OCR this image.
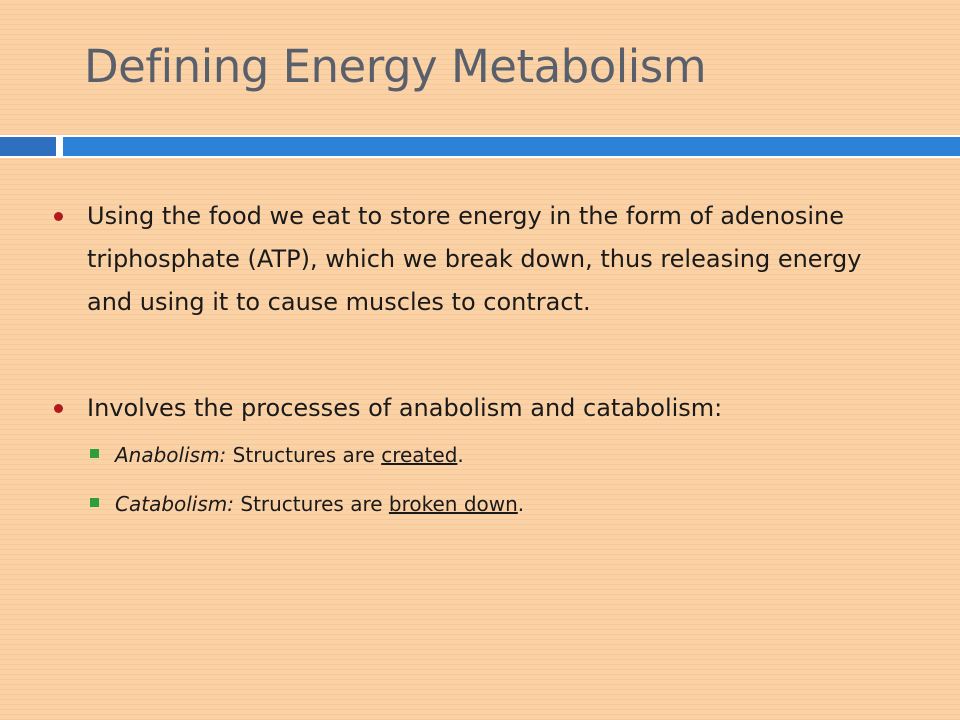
Defining Energy Metabolism
Using the food we eat to store energy in the form of adenosine triphosphate (ATP), which we break down, thus releasing energy and using it to cause muscles to contract.
Involves the processes of anabolism and catabolism:
Anabolism: Structures are created.
Catabolism: Structures are broken down.
